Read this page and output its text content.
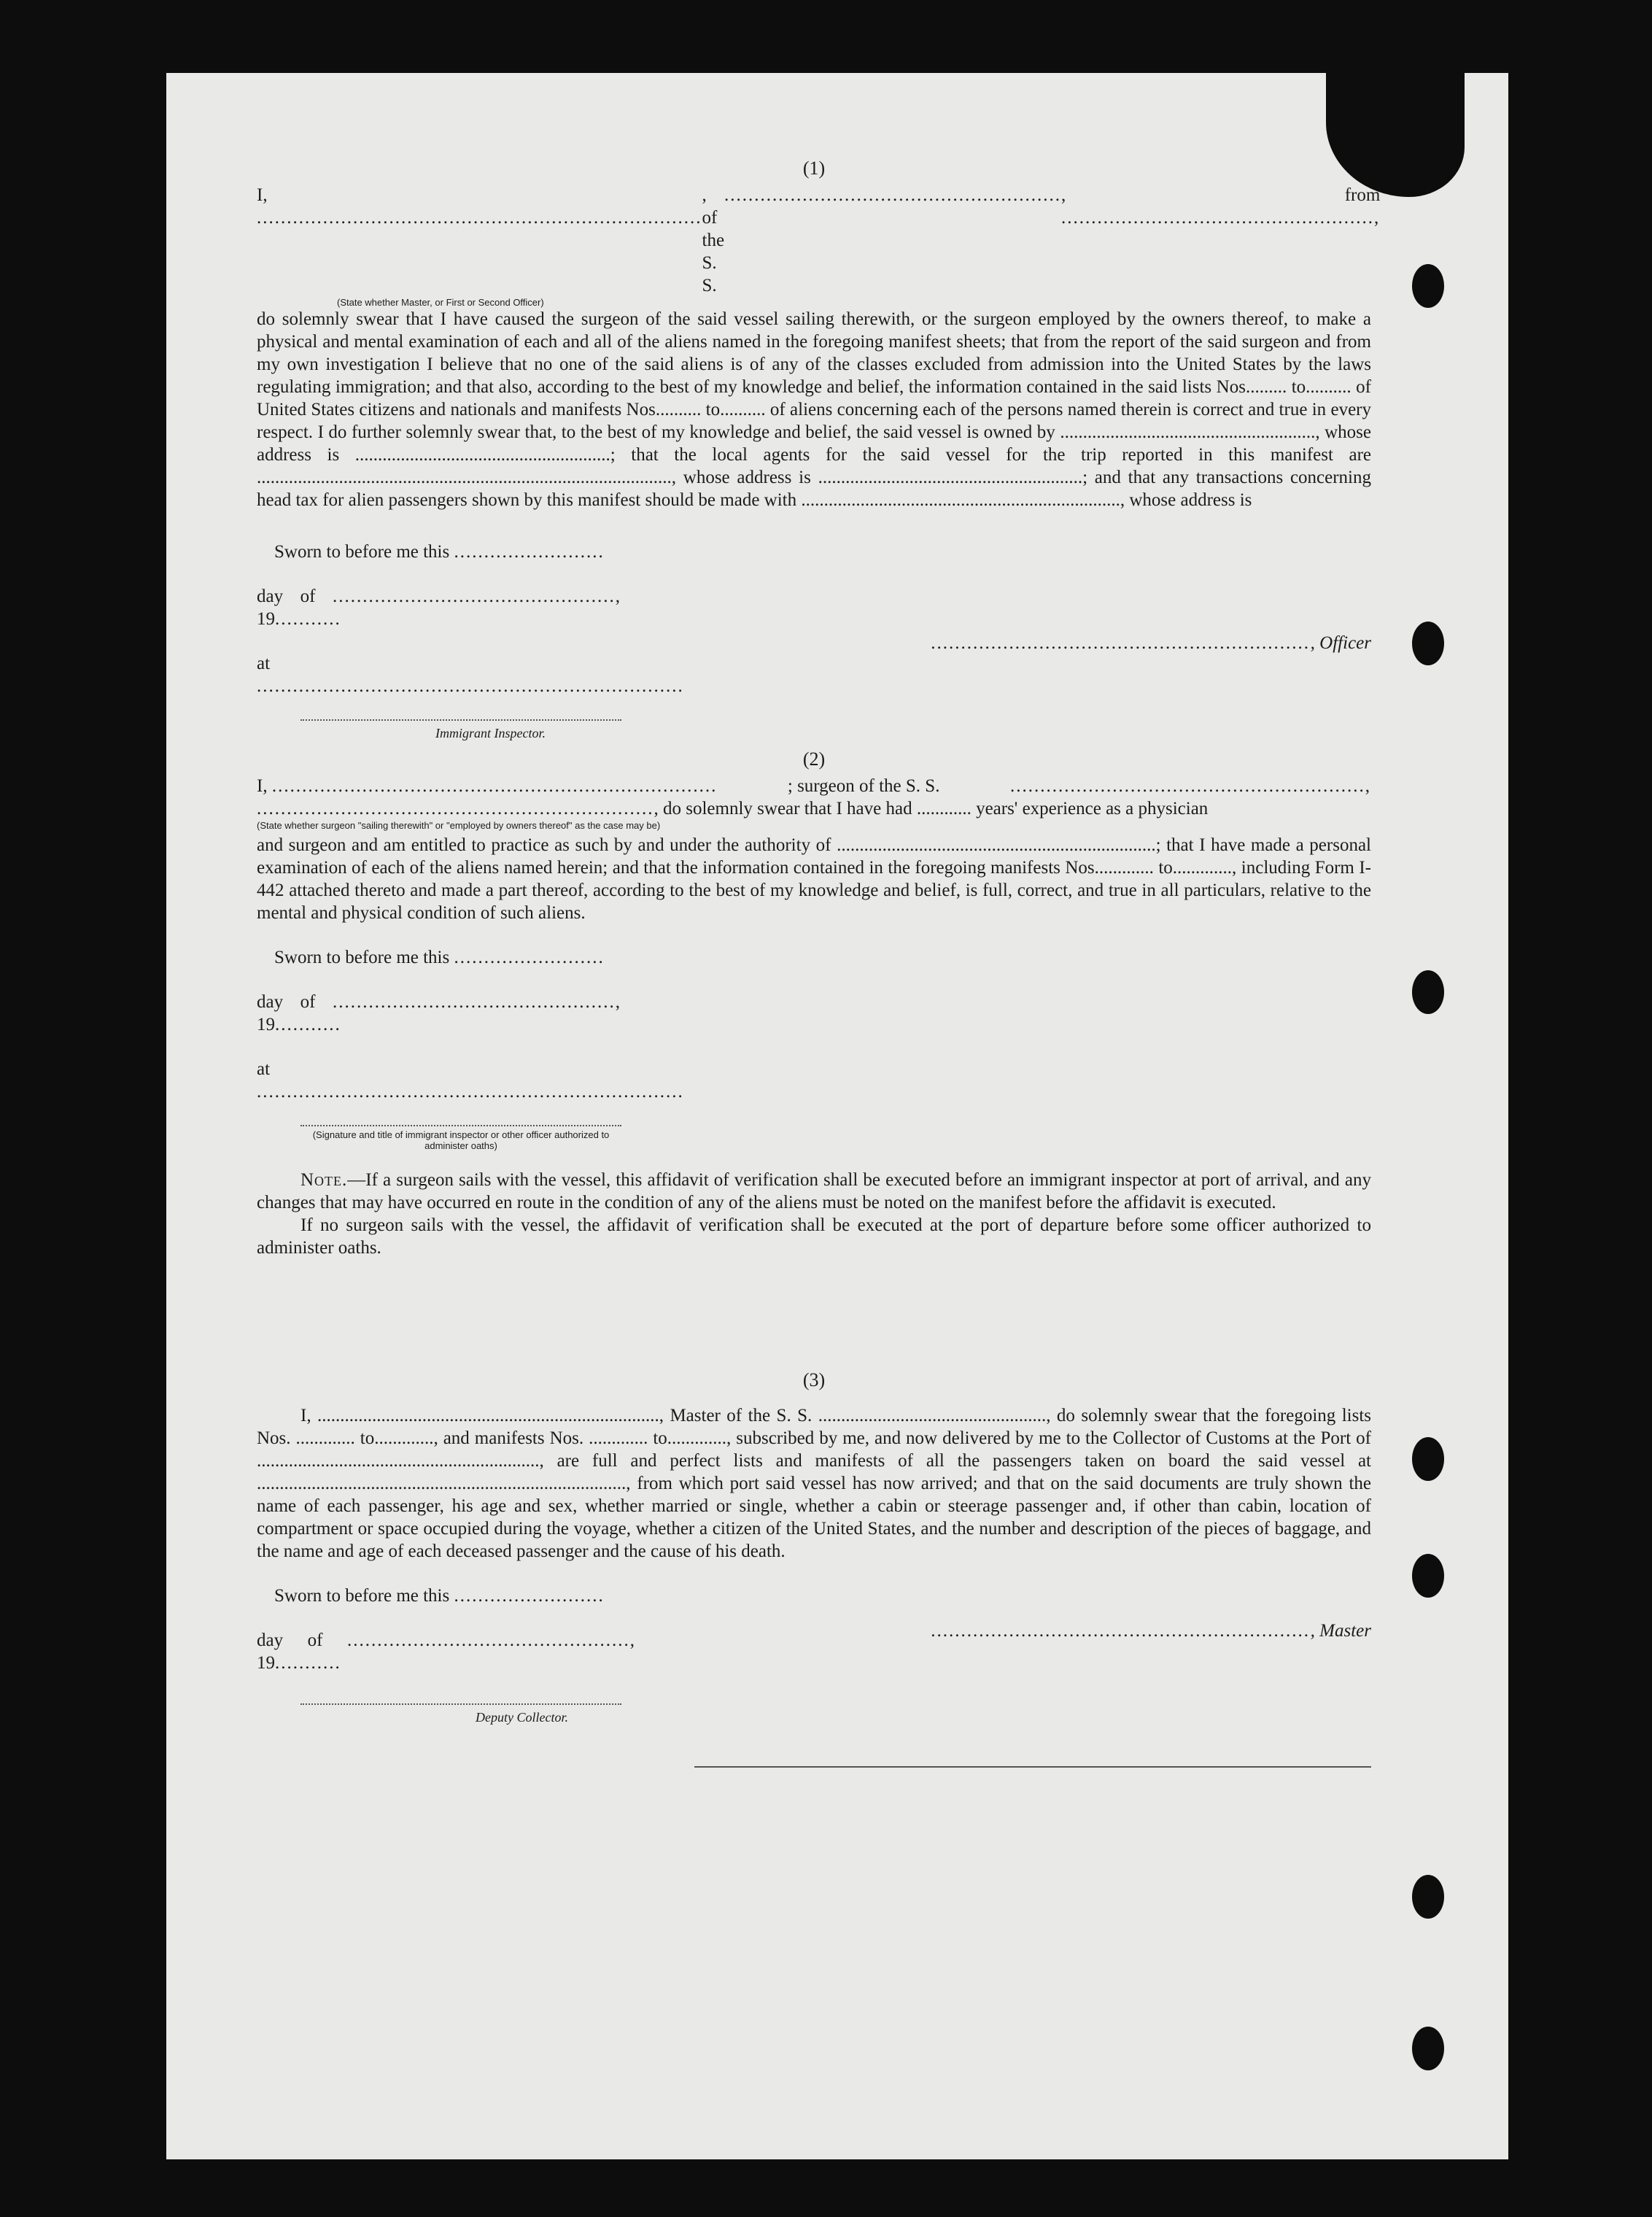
(1)
I, ..........................................................................
, of the S. S.
........................................................ , from ....................................................,
(State whether Master, or First or Second Officer)

do solemnly swear that I have caused the surgeon of the said vessel sailing therewith, or the surgeon employed by the owners thereof, to make a physical and mental examination of each and all of the aliens named in the foregoing manifest sheets; that from the report of the said surgeon and from my own investigation I believe that no one of the said aliens is of any of the classes excluded from admission into the United States by the laws regulating immigration; and that also, according to the best of my knowledge and belief, the information contained in the said lists Nos......... to.......... of United States citizens and nationals and manifests Nos.......... to.......... of aliens concerning each of the persons named therein is correct and true in every respect. I do further solemnly swear that, to the best of my knowledge and belief, the said vessel is owned by ........................................................, whose address is ........................................................; that the local agents for the said vessel for the trip reported in this manifest are ..........................................................................................., whose address is ..........................................................; and that any transactions concerning head tax for alien passengers shown by this manifest should be made with ......................................................................, whose address is

Sworn to before me this .........................
day of ..............................................., 19...........
at .......................................................................
Immigrant Inspector.
..............................................................., Officer
(2)
I, ..........................................................................	; surgeon of the S. S.	...........................................................,
.................................................................., do solemnly swear that I have had ............ years' experience as a physician
(State whether surgeon "sailing therewith" or "employed by owners thereof" as the case may be)

and surgeon and am entitled to practice as such by and under the authority of ......................................................................; that I have made a personal examination of each of the aliens named herein; and that the information contained in the foregoing manifests Nos............. to............., including Form I-442 attached thereto and made a part thereof, according to the best of my knowledge and belief, is full, correct, and true in all particulars, relative to the mental and physical condition of such aliens.

Sworn to before me this .........................
day of ..............................................., 19...........
at .......................................................................
(Signature and title of immigrant inspector or other officer authorized to administer oaths)

Note.—If a surgeon sails with the vessel, this affidavit of verification shall be executed before an immigrant inspector at port of arrival, and any changes that may have occurred en route in the condition of any of the aliens must be noted on the manifest before the affidavit is executed.

If no surgeon sails with the vessel, the affidavit of verification shall be executed at the port of departure before some officer authorized to administer oaths.

(3)

I, ..........................................................................., Master of the S. S. .................................................., do solemnly swear that the foregoing lists Nos. ............. to............., and manifests Nos. ............. to............., subscribed by me, and now delivered by me to the Collector of Customs at the Port of .............................................................., are full and perfect lists and manifests of all the passengers taken on board the said vessel at ................................................................................., from which port said vessel has now arrived; and that on the said documents are truly shown the name of each passenger, his age and sex, whether married or single, whether a cabin or steerage passenger and, if other than cabin, location of compartment or space occupied during the voyage, whether a citizen of the United States, and the number and description of the pieces of baggage, and the name and age of each deceased passenger and the cause of his death.

Sworn to before me this .........................
day of ..............................................., 19...........
Deputy Collector.
..............................................................., Master
